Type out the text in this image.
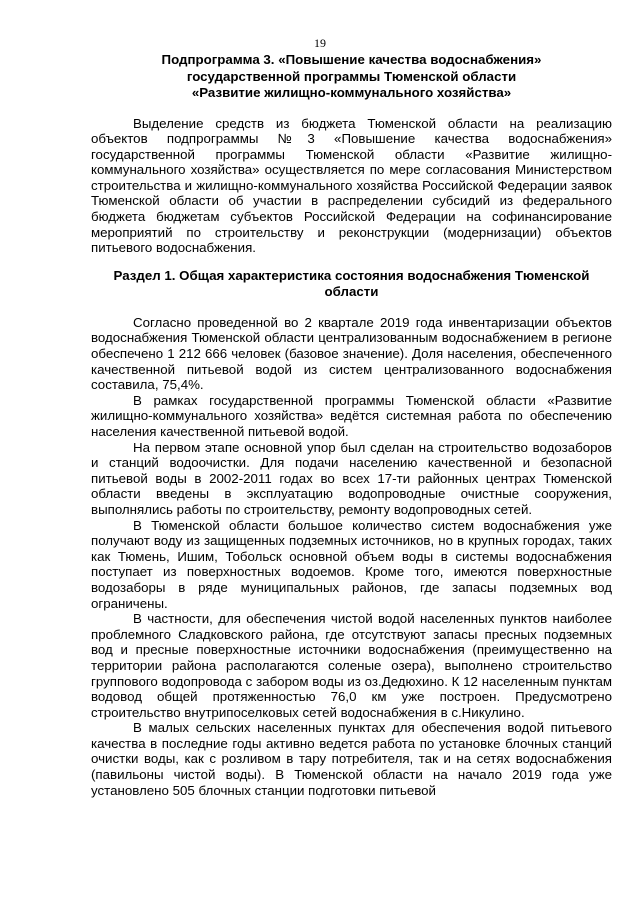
19
Подпрограмма 3. «Повышение качества водоснабжения»
государственной программы Тюменской области
«Развитие жилищно-коммунального хозяйства»

Выделение средств из бюджета Тюменской области на реализацию объектов подпрограммы №3 «Повышение качества водоснабжения» государственной программы Тюменской области «Развитие жилищно-коммунального хозяйства» осуществляется по мере согласования Министерством строительства и жилищно-коммунального хозяйства Российской Федерации заявок Тюменской области об участии в распределении субсидий из федерального бюджета бюджетам субъектов Российской Федерации на софинансирование мероприятий по строительству и реконструкции (модернизации) объектов питьевого водоснабжения.

Раздел 1. Общая характеристика состояния водоснабжения Тюменской
области

Согласно проведенной во 2 квартале 2019 года инвентаризации объектов водоснабжения Тюменской области централизованным водоснабжением в регионе обеспечено 1 212 666 человек (базовое значение). Доля населения, обеспеченного качественной питьевой водой из систем централизованного водоснабжения составила, 75,4%.

В рамках государственной программы Тюменской области «Развитие жилищно-коммунального хозяйства» ведётся системная работа по обеспечению населения качественной питьевой водой.

На первом этапе основной упор был сделан на строительство водозаборов и станций водоочистки. Для подачи населению качественной и безопасной питьевой воды в 2002-2011 годах во всех 17-ти районных центрах Тюменской области введены в эксплуатацию водопроводные очистные сооружения, выполнялись работы по строительству, ремонту водопроводных сетей.

В Тюменской области большое количество систем водоснабжения уже получают воду из защищенных подземных источников, но в крупных городах, таких как Тюмень, Ишим, Тобольск основной объем воды в системы водоснабжения поступает из поверхностных водоемов. Кроме того, имеются поверхностные водозаборы в ряде муниципальных районов, где запасы подземных вод ограничены.

В частности, для обеспечения чистой водой населенных пунктов наиболее проблемного Сладковского района, где отсутствуют запасы пресных подземных вод и пресные поверхностные источники водоснабжения (преимущественно на территории района располагаются соленые озера), выполнено строительство группового водопровода с забором воды из оз.Дедюхино. К 12 населенным пунктам водовод общей протяженностью 76,0 км уже построен. Предусмотрено строительство внутрипоселковых сетей водоснабжения в с.Никулино.

В малых сельских населенных пунктах для обеспечения водой питьевого качества в последние годы активно ведется работа по установке блочных станций очистки воды, как с розливом в тару потребителя, так и на сетях водоснабжения (павильоны чистой воды). В Тюменской области на начало 2019 года уже установлено 505 блочных станции подготовки питьевой
